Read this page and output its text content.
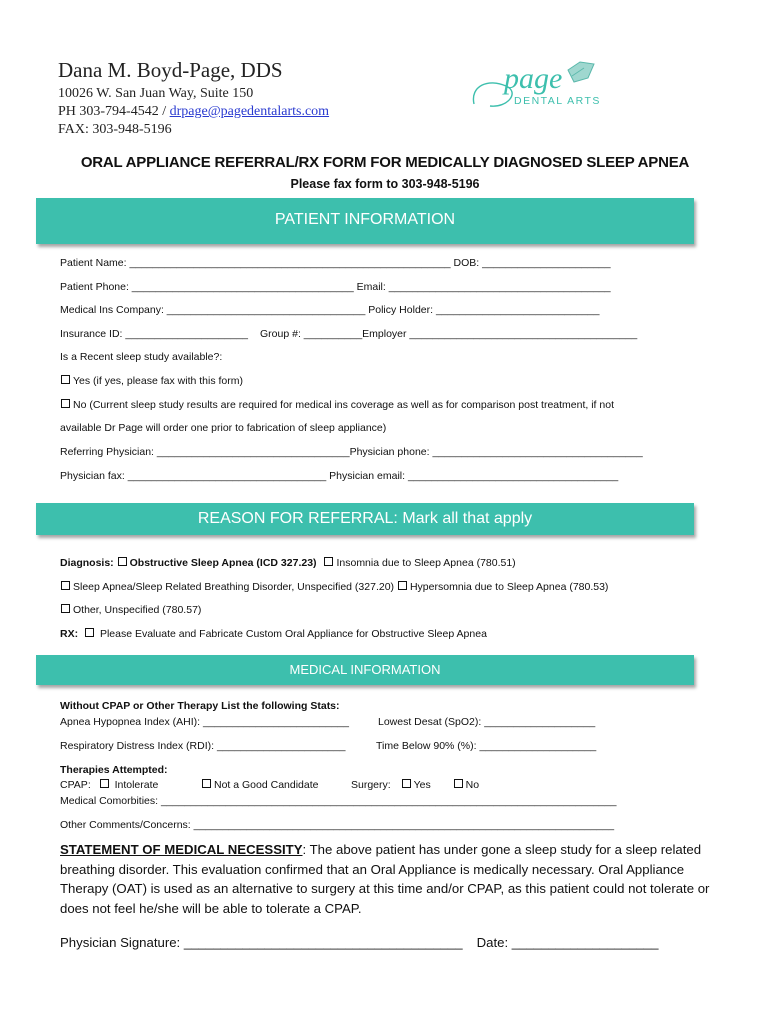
Dana M. Boyd-Page, DDS
10026 W. San Juan Way, Suite 150
PH 303-794-4542 / drpage@pagedentalarts.com
FAX: 303-948-5196
page
DENTAL ARTS
ORAL APPLIANCE REFERRAL/RX FORM FOR MEDICALLY DIAGNOSED SLEEP APNEA
Please fax form to 303-948-5196
PATIENT INFORMATION
Patient Name: _______________________________________________________ DOB: ______________________
Patient Phone: ______________________________________ Email: ______________________________________
Medical Ins Company: __________________________________ Policy Holder: ____________________________
Insurance ID: _____________________ Group #: __________Employer _______________________________________
Is a Recent sleep study available?:
Yes (if yes, please fax with this form)
No (Current sleep study results are required for medical ins coverage as well as for comparison post treatment, if not
available Dr Page will order one prior to fabrication of sleep appliance)
Referring Physician: _________________________________Physician phone: ____________________________________
Physician fax: __________________________________ Physician email: ____________________________________
REASON FOR REFERRAL: Mark all that apply
Diagnosis: Obstructive Sleep Apnea (ICD 327.23) Insomnia due to Sleep Apnea (780.51)
Sleep Apnea/Sleep Related Breathing Disorder, Unspecified (327.20) Hypersomnia due to Sleep Apnea (780.53)
Other, Unspecified (780.57)
RX: Please Evaluate and Fabricate Custom Oral Appliance for Obstructive Sleep Apnea
MEDICAL INFORMATION
Without CPAP or Other Therapy List the following Stats:
Apnea Hypopnea Index (AHI): _________________________	Lowest Desat (SpO2): ___________________
Respiratory Distress Index (RDI): ______________________	Time Below 90% (%): ____________________
Therapies Attempted:
CPAP: Intolerate	Not a Good Candidate	Surgery: Yes	No
Medical Comorbities: ______________________________________________________________________________
Other Comments/Concerns: ________________________________________________________________________
STATEMENT OF MEDICAL NECESSITY: The above patient has under gone a sleep study for a sleep related breathing disorder. This evaluation confirmed that an Oral Appliance is medically necessary. Oral Appliance Therapy (OAT) is used as an alternative to surgery at this time and/or CPAP, as this patient could not tolerate or does not feel he/she will be able to tolerate a CPAP.
Physician Signature: ______________________________________ Date: ____________________
